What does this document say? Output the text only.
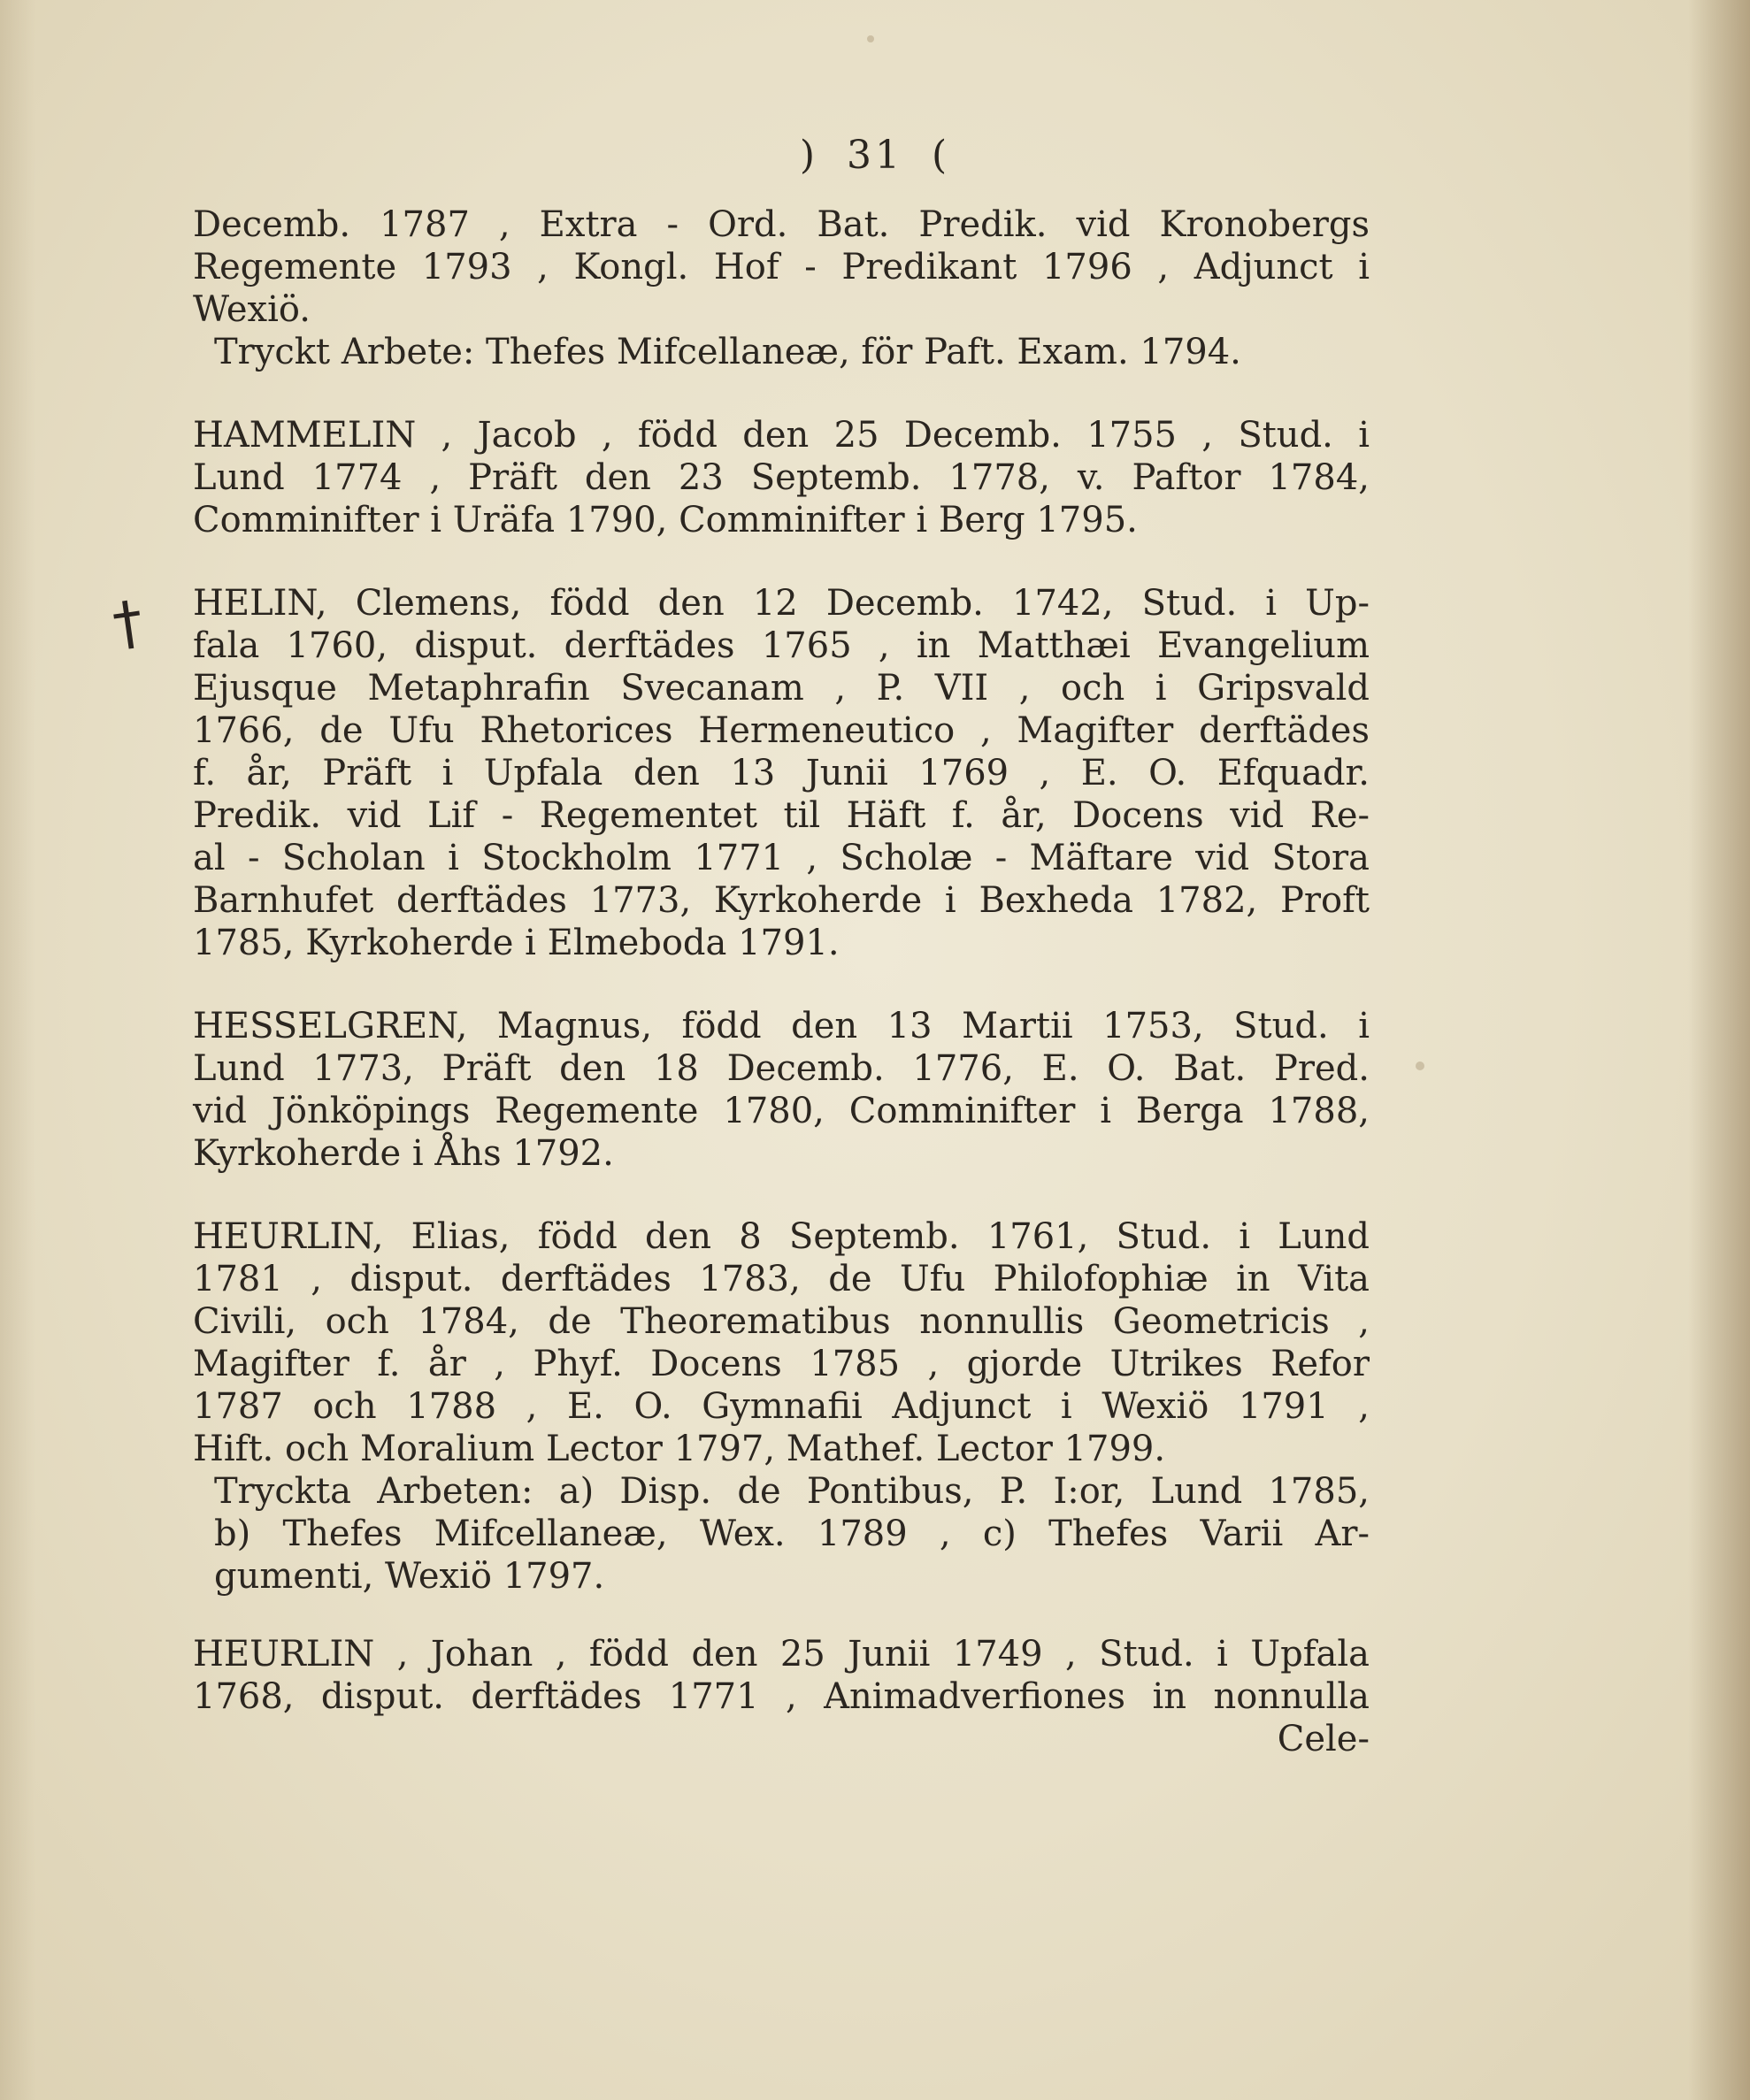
) 31 (
†

Decemb. 1787 , Extra - Ord. Bat. Predik. vid Kronobergs
Regemente 1793 , Kongl. Hof - Predikant 1796 , Adjunct i
Wexiö.

Tryckt Arbete: Thefes Mifcellaneæ, för Paft. Exam. 1794.

HAMMELIN , Jacob , född den 25 Decemb. 1755 , Stud. i
Lund 1774 , Präft den 23 Septemb. 1778, v. Paftor 1784,
Comminifter i Uräfa 1790, Comminifter i Berg 1795.

HELIN, Clemens, född den 12 Decemb. 1742, Stud. i Up-
fala 1760, disput. derftädes 1765 , in Matthæi Evangelium
Ejusque Metaphrafin Svecanam , P. VII , och i Gripsvald
1766, de Ufu Rhetorices Hermeneutico , Magifter derftädes
f. år, Präft i Upfala den 13 Junii 1769 , E. O. Efquadr.
Predik. vid Lif - Regementet til Häft f. år, Docens vid Re-
al - Scholan i Stockholm 1771 , Scholæ - Mäftare vid Stora
Barnhufet derftädes 1773, Kyrkoherde i Bexheda 1782, Proft
1785, Kyrkoherde i Elmeboda 1791.

HESSELGREN, Magnus, född den 13 Martii 1753, Stud. i
Lund 1773, Präft den 18 Decemb. 1776, E. O. Bat. Pred.
vid Jönköpings Regemente 1780, Comminifter i Berga 1788,
Kyrkoherde i Åhs 1792.

HEURLIN, Elias, född den 8 Septemb. 1761, Stud. i Lund
1781 , disput. derftädes 1783, de Ufu Philofophiæ in Vita
Civili, och 1784, de Theorematibus nonnullis Geometricis ,
Magifter f. år , Phyf. Docens 1785 , gjorde Utrikes Refor
1787 och 1788 , E. O. Gymnafii Adjunct i Wexiö 1791 ,
Hift. och Moralium Lector 1797, Mathef. Lector 1799.

Tryckta Arbeten: a) Disp. de Pontibus, P. I:or, Lund 1785,
b) Thefes Mifcellaneæ, Wex. 1789 , c) Thefes Varii Ar-
gumenti, Wexiö 1797.

HEURLIN , Johan , född den 25 Junii 1749 , Stud. i Upfala
1768, disput. derftädes 1771 , Animadverfiones in nonnulla

Cele-
